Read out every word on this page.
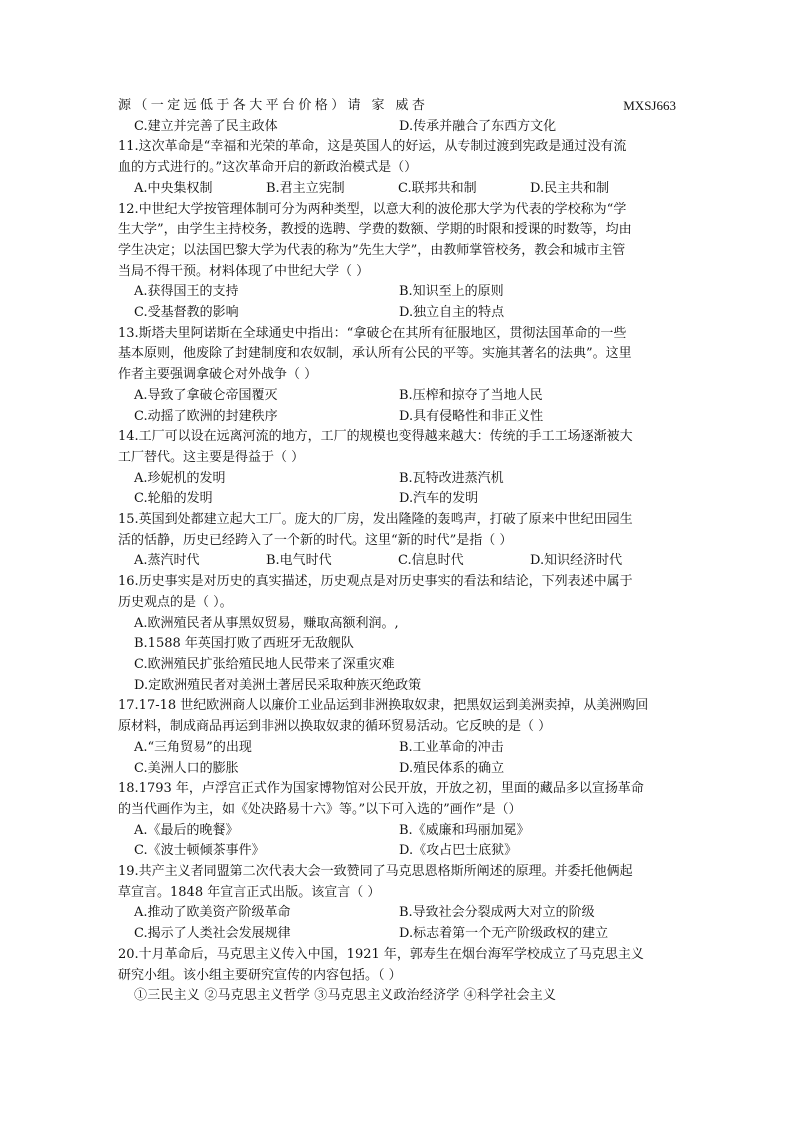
源（一定远低于各大平台价格）请 家 威杏	MXSJ663
C.建立并完善了民主政体	D.传承并融合了东西方文化
11.这次革命是“幸福和光荣的革命，这是英国人的好运，从专制过渡到宪政是通过没有流
血的方式进行的。”这次革命开启的新政治模式是（）
A.中央集权制	B.君主立宪制	C.联邦共和制	D.民主共和制
12.中世纪大学按管理体制可分为两种类型，以意大利的波伦那大学为代表的学校称为“学
生大学”，由学生主持校务，教授的选聘、学费的数额、学期的时限和授课的时数等，均由
学生决定；以法国巴黎大学为代表的称为”先生大学”，由教师掌管校务，教会和城市主管
当局不得干预。材料体现了中世纪大学（ ）
A.获得国王的支持	B.知识至上的原则
C.受基督教的影响	D.独立自主的特点
13.斯塔夫里阿诺斯在全球通史中指出：“拿破仑在其所有征服地区，贯彻法国革命的一些
基本原则，他废除了封建制度和农奴制，承认所有公民的平等。实施其著名的法典”。这里
作者主要强调拿破仑对外战争（ ）
A.导致了拿破仑帝国覆灭	B.压榨和掠夺了当地人民
C.动摇了欧洲的封建秩序	D.具有侵略性和非正义性
14.工厂可以设在远离河流的地方，工厂的规模也变得越来越大：传统的手工工场逐渐被大
工厂替代。这主要是得益于（ ）
A.珍妮机的发明	B.瓦特改进蒸汽机
C.轮船的发明	D.汽车的发明
15.英国到处都建立起大工厂。庞大的厂房，发出隆隆的轰鸣声，打破了原来中世纪田园生
活的恬静，历史已经跨入了一个新的时代。这里“新的时代”是指（ ）
A.蒸汽时代	B.电气时代	C.信息时代	D.知识经济时代
16.历史事实是对历史的真实描述，历史观点是对历史事实的看法和结论，下列表述中属于
历史观点的是（ ）。
A.欧洲殖民者从事黑奴贸易，赚取高额利润。,
B.1588 年英国打败了西班牙无敌舰队
C.欧洲殖民扩张给殖民地人民带来了深重灾难
D.定欧洲殖民者对美洲土著居民采取种族灭绝政策
17.17-18 世纪欧洲商人以廉价工业品运到非洲换取奴隶，把黑奴运到美洲卖掉，从美洲购回
原材料，制成商品再运到非洲以换取奴隶的循环贸易活动。它反映的是（ ）
A.“三角贸易”的出现	B.工业革命的冲击
C.美洲人口的膨胀	D.殖民体系的确立
18.1793 年，卢浮宫正式作为国家博物馆对公民开放，开放之初，里面的藏品多以宣扬革命
的当代画作为主，如《处决路易十六》等。”以下可入选的”画作”是（）
A.《最后的晚餐》	B.《威廉和玛丽加冕》
C.《波士顿倾茶事件》	D.《攻占巴士底狱》
19.共产主义者同盟第二次代表大会一致赞同了马克思恩格斯所阐述的原理。并委托他俩起
草宣言。1848 年宣言正式出版。该宣言（ ）
A.推动了欧美资产阶级革命	B.导致社会分裂成两大对立的阶级
C.揭示了人类社会发展规律	D.标志着第一个无产阶级政权的建立
20.十月革命后，马克思主义传入中国，1921 年，郭寿生在烟台海军学校成立了马克思主义
研究小组。该小组主要研究宣传的内容包括。（ ）
①三民主义 ②马克思主义哲学 ③马克思主义政治经济学 ④科学社会主义
